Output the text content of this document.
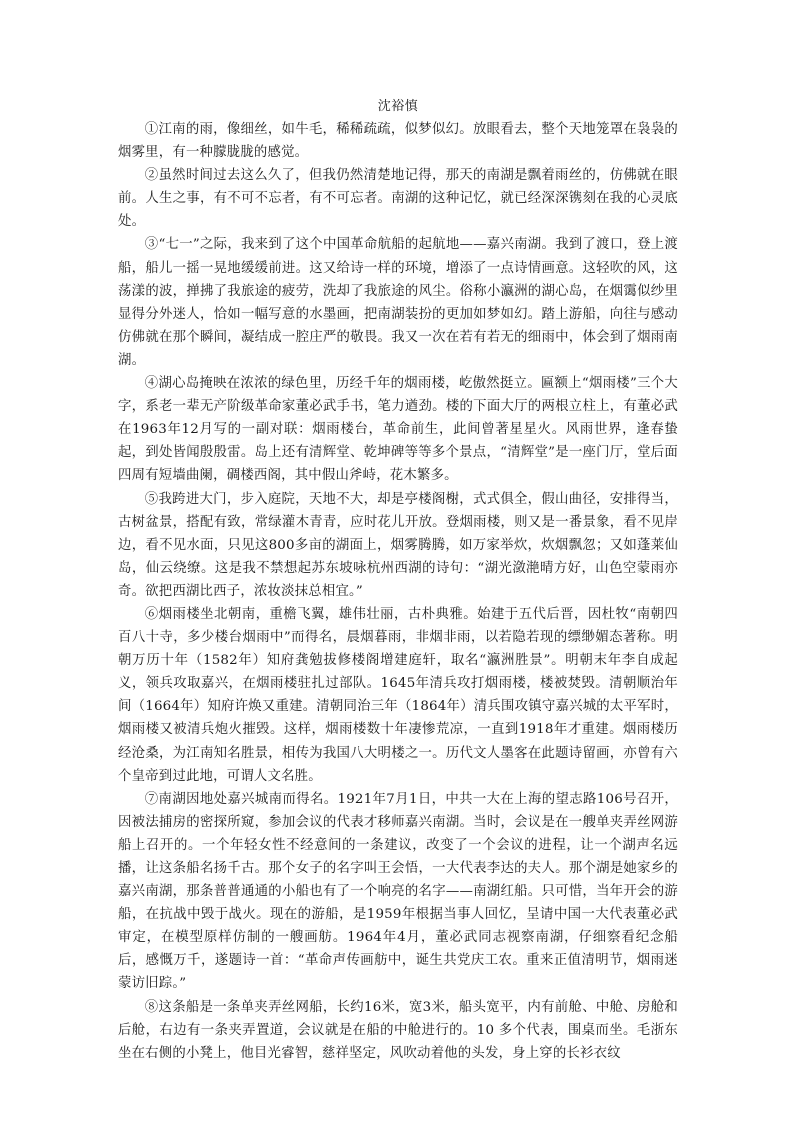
沈裕慎

①江南的雨，像细丝，如牛毛，稀稀疏疏，似梦似幻。放眼看去，整个天地笼罩在袅袅的烟雾里，有一种朦胧胧的感觉。

②虽然时间过去这么久了，但我仍然清楚地记得，那天的南湖是飘着雨丝的，仿佛就在眼前。人生之事，有不可不忘者，有不可忘者。南湖的这种记忆，就已经深深镌刻在我的心灵底处。

③“七一”之际，我来到了这个中国革命航船的起航地——嘉兴南湖。我到了渡口，登上渡船，船儿一摇一晃地缓缓前进。这又给诗一样的环境，增添了一点诗情画意。这轻吹的风，这荡漾的波，掸拂了我旅途的疲劳，洗却了我旅途的风尘。俗称小瀛洲的湖心岛，在烟霭似纱里显得分外迷人，恰如一幅写意的水墨画，把南湖装扮的更加如梦如幻。踏上游船，向往与感动仿佛就在那个瞬间，凝结成一腔庄严的敬畏。我又一次在若有若无的细雨中，体会到了烟雨南湖。

④湖心岛掩映在浓浓的绿色里，历经千年的烟雨楼，屹傲然挺立。匾额上“烟雨楼”三个大字，系老一辈无产阶级革命家董必武手书，笔力遒劲。楼的下面大厅的两根立柱上，有董必武在1963年12月写的一副对联：烟雨楼台，革命前生，此间曾著星星火。风雨世界，逢春蛰起，到处皆闻殷殷雷。岛上还有清辉堂、乾坤碑等等多个景点，“清辉堂”是一座门厅，堂后面四周有短墙曲阑，碉楼西阁，其中假山斧峙，花木繁多。

⑤我跨进大门，步入庭院，天地不大，却是亭楼阁榭，式式俱全，假山曲径，安排得当，古树盆景，搭配有致，常绿灌木青青，应时花儿开放。登烟雨楼，则又是一番景象，看不见岸边，看不见水面，只见这800多亩的湖面上，烟雾腾腾，如万家举炊，炊烟飘忽；又如蓬莱仙岛，仙云绕缭。这是我不禁想起苏东坡咏杭州西湖的诗句：“湖光潋滟晴方好，山色空蒙雨亦奇。欲把西湖比西子，浓妆淡抹总相宜。”

⑥烟雨楼坐北朝南，重檐飞翼，雄伟壮丽，古朴典雅。始建于五代后晋，因杜牧“南朝四百八十寺，多少楼台烟雨中”而得名，晨烟暮雨，非烟非雨，以若隐若现的缥缈媚态著称。明朝万历十年（1582年）知府龚勉拔修楼阁增建庭轩，取名“瀛洲胜景”。明朝末年李自成起义，领兵攻取嘉兴，在烟雨楼驻扎过部队。1645年清兵攻打烟雨楼，楼被焚毁。清朝顺治年间（1664年）知府许焕又重建。清朝同治三年（1864年）清兵围攻镇守嘉兴城的太平军时，烟雨楼又被清兵炮火摧毁。这样，烟雨楼数十年凄惨荒凉，一直到1918年才重建。烟雨楼历经沧桑，为江南知名胜景，相传为我国八大明楼之一。历代文人墨客在此题诗留画，亦曾有六个皇帝到过此地，可谓人文名胜。

⑦南湖因地处嘉兴城南而得名。1921年7月1日，中共一大在上海的望志路106号召开，因被法捕房的密探所窥，参加会议的代表才移师嘉兴南湖。当时，会议是在一艘单夹弄丝网游船上召开的。一个年轻女性不经意间的一条建议，改变了一个会议的进程，让一个湖声名远播，让这条船名扬千古。那个女子的名字叫王会悟，一大代表李达的夫人。那个湖是她家乡的嘉兴南湖，那条普普通通的小船也有了一个响亮的名字——南湖红船。只可惜，当年开会的游船，在抗战中毁于战火。现在的游船，是1959年根据当事人回忆，呈请中国一大代表董必武审定，在模型原样仿制的一艘画舫。1964年4月，董必武同志视察南湖，仔细察看纪念船后，感慨万千，遂题诗一首：“革命声传画舫中，诞生共党庆工农。重来正值清明节，烟雨迷蒙访旧踪。”

⑧这条船是一条单夹弄丝网船，长约16米，宽3米，船头宽平，内有前舱、中舱、房舱和后舱，右边有一条夹弄置道，会议就是在船的中舱进行的。10 多个代表，围桌而坐。毛浙东坐在右侧的小凳上，他目光睿智，慈祥坚定，风吹动着他的头发，身上穿的长衫衣纹
